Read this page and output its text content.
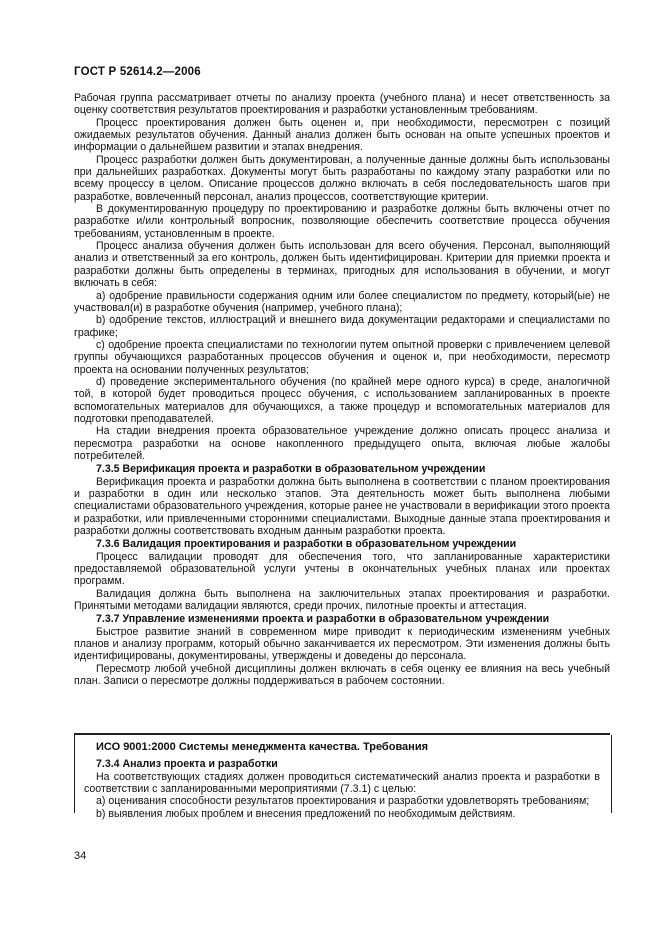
ГОСТ Р 52614.2—2006

Рабочая группа рассматривает отчеты по анализу проекта (учебного плана) и несет ответственность за оценку соответствия результатов проектирования и разработки установленным требованиям.

Процесс проектирования должен быть оценен и, при необходимости, пересмотрен с позиций ожидаемых результатов обучения. Данный анализ должен быть основан на опыте успешных проектов и информации о дальнейшем развитии и этапах внедрения.

Процесс разработки должен быть документирован, а полученные данные должны быть использованы при дальнейших разработках. Документы могут быть разработаны по каждому этапу разработки или по всему процессу в целом. Описание процессов должно включать в себя последовательность шагов при разработке, вовлеченный персонал, анализ процессов, соответствующие критерии.

В документированную процедуру по проектированию и разработке должны быть включены отчет по разработке и/или контрольный вопросник, позволяющие обеспечить соответствие процесса обучения требованиям, установленным в проекте.

Процесс анализа обучения должен быть использован для всего обучения. Персонал, выполняющий анализ и ответственный за его контроль, должен быть идентифицирован. Критерии для приемки проекта и разработки должны быть определены в терминах, пригодных для использования в обучении, и могут включать в себя:

a) одобрение правильности содержания одним или более специалистом по предмету, который(ые) не участвовал(и) в разработке обучения (например, учебного плана);

b) одобрение текстов, иллюстраций и внешнего вида документации редакторами и специалистами по графике;

c) одобрение проекта специалистами по технологии путем опытной проверки с привлечением целевой группы обучающихся разработанных процессов обучения и оценок и, при необходимости, пересмотр проекта на основании полученных результатов;

d) проведение экспериментального обучения (по крайней мере одного курса) в среде, аналогичной той, в которой будет проводиться процесс обучения, с использованием запланированных в проекте вспомогательных материалов для обучающихся, а также процедур и вспомогательных материалов для подготовки преподавателей.

На стадии внедрения проекта образовательное учреждение должно описать процесс анализа и пересмотра разработки на основе накопленного предыдущего опыта, включая любые жалобы потребителей.

7.3.5 Верификация проекта и разработки в образовательном учреждении

Верификация проекта и разработки должна быть выполнена в соответствии с планом проектирования и разработки в один или несколько этапов. Эта деятельность может быть выполнена любыми специалистами образовательного учреждения, которые ранее не участвовали в верификации этого проекта и разработки, или привлеченными сторонними специалистами. Выходные данные этапа проектирования и разработки должны соответствовать входным данным разработки проекта.

7.3.6 Валидация проектирования и разработки в образовательном учреждении

Процесс валидации проводят для обеспечения того, что запланированные характеристики предоставляемой образовательной услуги учтены в окончательных учебных планах или проектах программ.

Валидация должна быть выполнена на заключительных этапах проектирования и разработки. Принятыми методами валидации являются, среди прочих, пилотные проекты и аттестация.

7.3.7 Управление изменениями проекта и разработки в образовательном учреждении

Быстрое развитие знаний в современном мире приводит к периодическим изменениям учебных планов и анализу программ, который обычно заканчивается их пересмотром. Эти изменения должны быть идентифицированы, документированы, утверждены и доведены до персонала.

Пересмотр любой учебной дисциплины должен включать в себя оценку ее влияния на весь учебный план. Записи о пересмотре должны поддерживаться в рабочем состоянии.

ИСО 9001:2000 Системы менеджмента качества. Требования

7.3.4 Анализ проекта и разработки

На соответствующих стадиях должен проводиться систематический анализ проекта и разработки в соответствии с запланированными мероприятиями (7.3.1) с целью:

a) оценивания способности результатов проектирования и разработки удовлетворять требованиям;

b) выявления любых проблем и внесения предложений по необходимым действиям.

34
